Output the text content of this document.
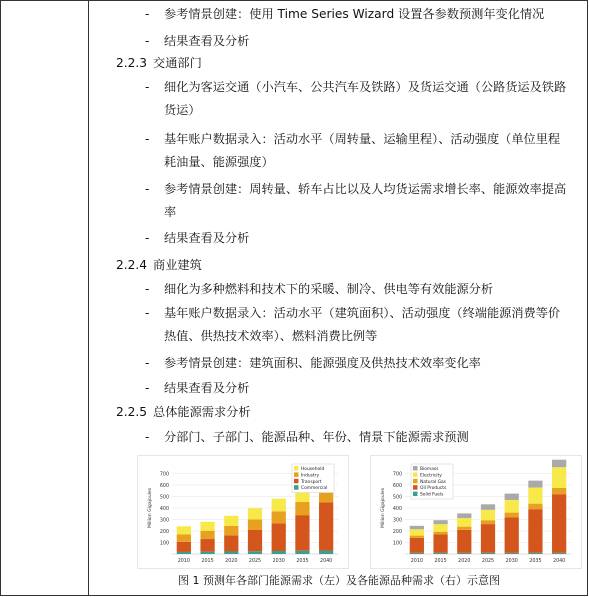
100
200
300
400
500
600
700
Million Gigajoules
2010 2015 2020 2025 2030 2035 2040
Household
Industry
Transport
Commercial
100
200
300
400
500
600
700
Million Gigajoules
2010 2015 2020 2025 2030 2035 2040
Biomass
Electricity
Natural Gas
Oil Products
Solid Fuels
图 1 预测年各部门能源需求（左）及各能源品种需求（右）示意图
- 参考情景创建：使用 Time Series Wizard 设置各参数预测年变化情况
- 结果查看及分析
2.2.3 交通部门
- 细化为客运交通（小汽车、公共汽车及铁路）及货运交通（公路货运及铁路
货运）
- 基年账户数据录入：活动水平（周转量、运输里程）、活动强度（单位里程
耗油量、能源强度）
- 参考情景创建：周转量、轿车占比以及人均货运需求增长率、能源效率提高
率
- 结果查看及分析
2.2.4 商业建筑
- 细化为多种燃料和技术下的采暖、制冷、供电等有效能源分析
- 基年账户数据录入：活动水平（建筑面积）、活动强度（终端能源消费等价
热值、供热技术效率）、燃料消费比例等
- 参考情景创建：建筑面积、能源强度及供热技术效率变化率
- 结果查看及分析
2.2.5 总体能源需求分析
- 分部门、子部门、能源品种、年份、情景下能源需求预测
